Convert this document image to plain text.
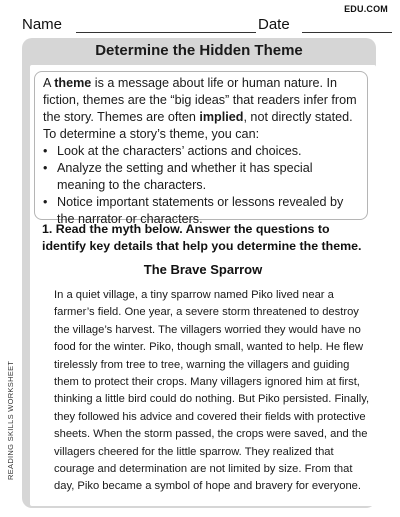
Name	Date
EDU.COM
Determine the Hidden Theme

A theme is a message about life or human nature. In fiction, themes are the “big ideas” that readers infer from the story. Themes are often implied, not directly stated. To determine a story’s theme, you can:

• Look at the characters’ actions and choices.
• Analyze the setting and whether it has special meaning to the characters.
• Notice important statements or lessons revealed by the narrator or characters.
1. Read the myth below. Answer the questions to identify key details that help you determine the theme.
The Brave Sparrow
In a quiet village, a tiny sparrow named Piko lived near a farmer’s field. One year, a severe storm threatened to destroy the village’s harvest. The villagers worried they would have no food for the winter. Piko, though small, wanted to help. He flew tirelessly from tree to tree, warning the villagers and guiding them to protect their crops. Many villagers ignored him at first, thinking a little bird could do nothing. But Piko persisted. Finally, they followed his advice and covered their fields with protective sheets. When the storm passed, the crops were saved, and the villagers cheered for the little sparrow. They realized that courage and determination are not limited by size. From that day, Piko became a symbol of hope and bravery for everyone.
READING SKILLS WORKSHEET
